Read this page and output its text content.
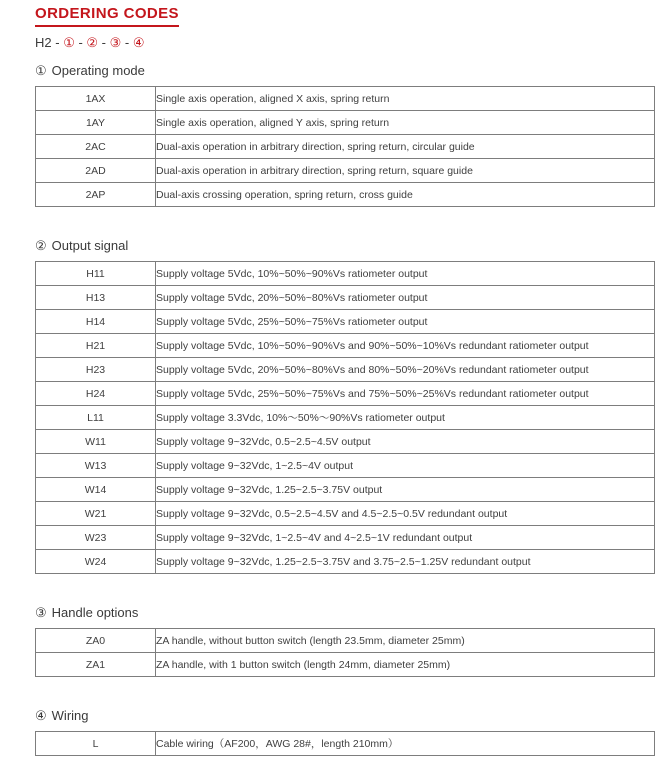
ORDERING CODES
H2 - ① - ② - ③ - ④
① Operating mode
1AX	Single axis operation, aligned X axis, spring return
1AY	Single axis operation, aligned Y axis, spring return
2AC	Dual-axis operation in arbitrary direction, spring return, circular guide
2AD	Dual-axis operation in arbitrary direction, spring return, square guide
2AP	Dual-axis crossing operation, spring return, cross guide
② Output signal
H11	Supply voltage 5Vdc, 10%~50%~90%Vs ratiometer output
H13	Supply voltage 5Vdc, 20%~50%~80%Vs ratiometer output
H14	Supply voltage 5Vdc, 25%~50%~75%Vs ratiometer output
H21	Supply voltage 5Vdc, 10%~50%~90%Vs and 90%~50%~10%Vs redundant ratiometer output
H23	Supply voltage 5Vdc, 20%~50%~80%Vs and 80%~50%~20%Vs redundant ratiometer output
H24	Supply voltage 5Vdc, 25%~50%~75%Vs and 75%~50%~25%Vs redundant ratiometer output
L11	Supply voltage 3.3Vdc, 10%～50%～90%Vs ratiometer output
W11	Supply voltage 9~32Vdc, 0.5~2.5~4.5V output
W13	Supply voltage 9~32Vdc, 1~2.5~4V output
W14	Supply voltage 9~32Vdc, 1.25~2.5~3.75V output
W21	Supply voltage 9~32Vdc, 0.5~2.5~4.5V and 4.5~2.5~0.5V redundant output
W23	Supply voltage 9~32Vdc, 1~2.5~4V and 4~2.5~1V redundant output
W24	Supply voltage 9~32Vdc, 1.25~2.5~3.75V and 3.75~2.5~1.25V redundant output
③ Handle options
ZA0	ZA handle, without button switch (length 23.5mm, diameter 25mm)
ZA1	ZA handle, with 1 button switch (length 24mm, diameter 25mm)
④ Wiring
L	Cable wiring（AF200，AWG 28#，length 210mm）
